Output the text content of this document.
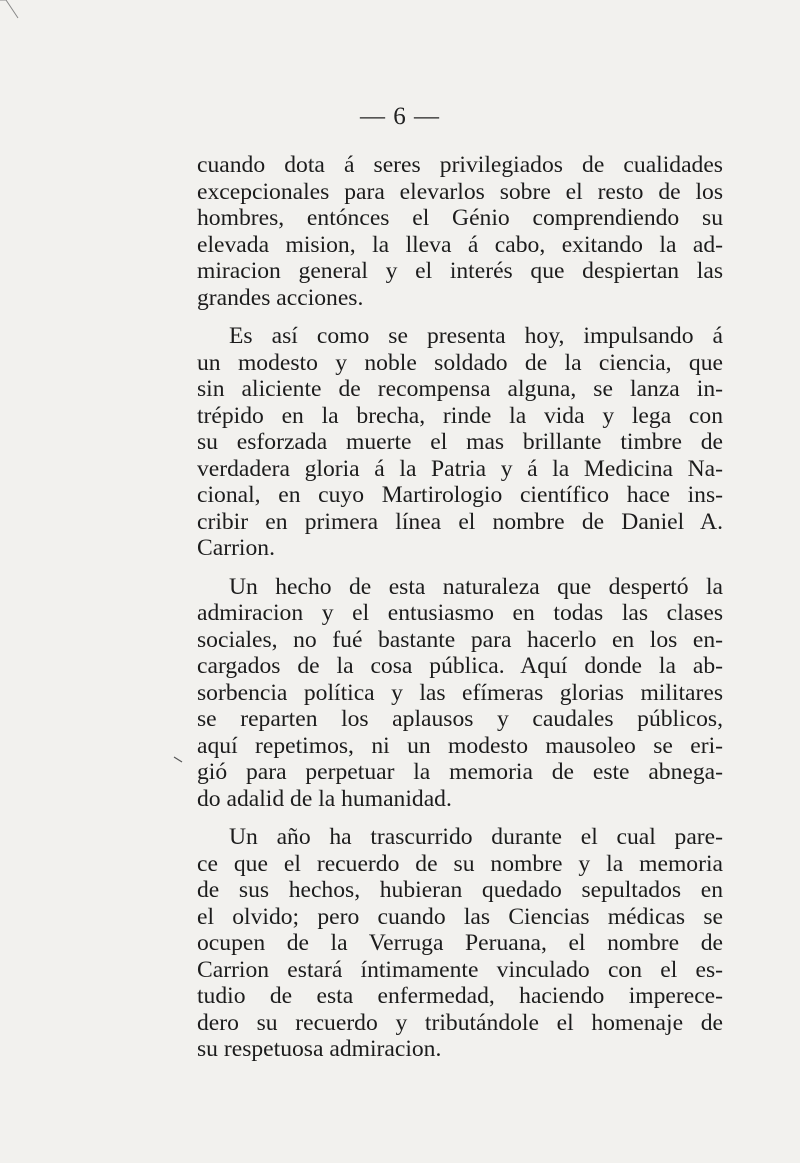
— 6 —
cuando dota á seres privilegiados de cualidades
excepcionales para elevarlos sobre el resto de los
hombres, entónces el Génio comprendiendo su
elevada mision, la lleva á cabo, exitando la ad-
miracion general y el interés que despiertan las
grandes acciones.
Es así como se presenta hoy, impulsando á
un modesto y noble soldado de la ciencia, que
sin aliciente de recompensa alguna, se lanza in-
trépido en la brecha, rinde la vida y lega con
su esforzada muerte el mas brillante timbre de
verdadera gloria á la Patria y á la Medicina Na-
cional, en cuyo Martirologio científico hace ins-
cribir en primera línea el nombre de Daniel A.
Carrion.
Un hecho de esta naturaleza que despertó la
admiracion y el entusiasmo en todas las clases
sociales, no fué bastante para hacerlo en los en-
cargados de la cosa pública. Aquí donde la ab-
sorbencia política y las efímeras glorias militares
se reparten los aplausos y caudales públicos,
aquí repetimos, ni un modesto mausoleo se eri-
gió para perpetuar la memoria de este abnega-
do adalid de la humanidad.
Un año ha trascurrido durante el cual pare-
ce que el recuerdo de su nombre y la memoria
de sus hechos, hubieran quedado sepultados en
el olvido; pero cuando las Ciencias médicas se
ocupen de la Verruga Peruana, el nombre de
Carrion estará íntimamente vinculado con el es-
tudio de esta enfermedad, haciendo imperece-
dero su recuerdo y tributándole el homenaje de
su respetuosa admiracion.
